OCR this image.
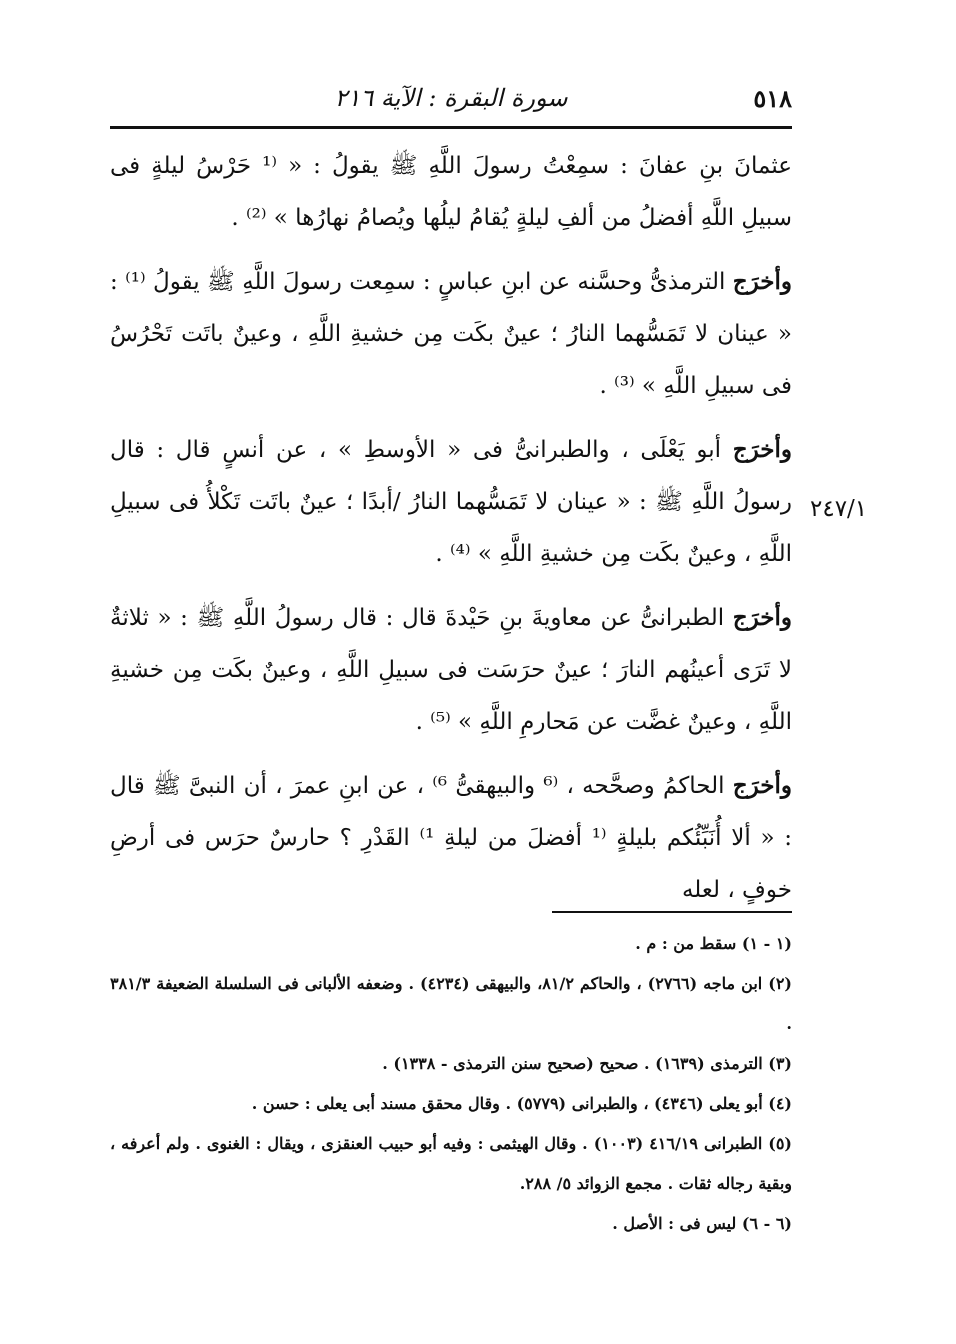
٥١٨
سورة البقرة : الآية ٢١٦
٢٤٧/١

عثمانَ بنِ عفانَ : سمِعْتُ رسولَ اللَّهِ ﷺ يقولُ : « ⁽¹ حَرْسُ ليلةٍ فى سبيلِ اللَّهِ أفضلُ من ألفِ ليلةٍ يُقامُ ليلُها ويُصامُ نهارُها » ⁽²⁾ .

وأخرَج الترمذىُّ وحسَّنه عن ابنِ عباسٍ : سمِعت رسولَ اللَّهِ ﷺ يقولُ ⁽¹⁾ : « عينان لا تَمَسُّهما النارُ ؛ عينٌ بكَت مِن خشيةِ اللَّهِ ، وعينٌ باتَت تَحْرُسُ فى سبيلِ اللَّهِ » ⁽³⁾ .

وأخرَج أبو يَعْلَى ، والطبرانىُّ فى « الأوسطِ » ، عن أنسٍ قال : قال رسولُ اللَّهِ ﷺ : « عينان لا تَمَسُّهما النارُ /أبدًا ؛ عينٌ باتَت تَكْلأُ فى سبيلِ اللَّهِ ، وعينٌ بكَت مِن خشيةِ اللَّهِ » ⁽⁴⁾ .

وأخرَج الطبرانىُّ عن معاويةَ بنِ حَيْدةَ قال : قال رسولُ اللَّهِ ﷺ : « ثلاثةٌ لا تَرَى أعينُهم النارَ ؛ عينٌ حرَسَت فى سبيلِ اللَّهِ ، وعينٌ بكَت مِن خشيةِ اللَّهِ ، وعينٌ غضَّت عن مَحارمِ اللَّهِ » ⁽⁵⁾ .

وأخرَج الحاكمُ وصحَّحه ، ⁽⁶ والبيهقىُّ ⁶⁾ ، عن ابنِ عمرَ ، أن النبىَّ ﷺ قال : « ألا أُنَبِّئُكم بليلةٍ ⁽¹ أفضلَ من ليلةِ ¹⁾ القَدْرِ ؟ حارسٌ حرَس فى أرضِ خوفٍ ، لعله

(١ - ١) سقط من : م .

(٢) ابن ماجه (٢٧٦٦) ، والحاكم ٨١/٢، والبيهقى (٤٢٣٤) . وضعفه الألبانى فى السلسلة الضعيفة ٣٨١/٣ .

(٣) الترمذى (١٦٣٩) . صحيح (صحيح سنن الترمذى - ١٣٣٨) .

(٤) أبو يعلى (٤٣٤٦) ، والطبرانى (٥٧٧٩) . وقال محقق مسند أبى يعلى : حسن .

(٥) الطبرانى ٤١٦/١٩ (١٠٠٣) . وقال الهيثمى : وفيه أبو حبيب العنقزى ، ويقال : الغنوى . ولم أعرفه ، وبقية رجاله ثقات . مجمع الزوائد ٥/ ٢٨٨.

(٦ - ٦) ليس فى : الأصل .
